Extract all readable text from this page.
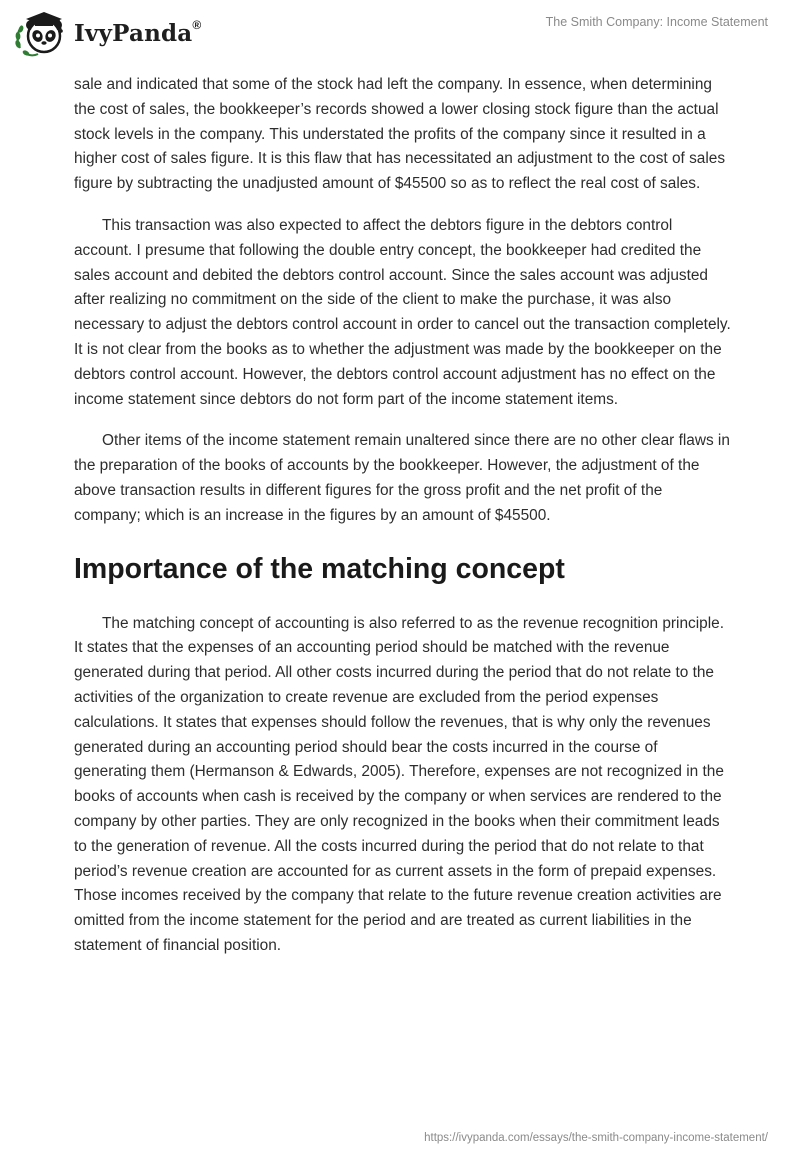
IvyPanda®	The Smith Company: Income Statement

sale and indicated that some of the stock had left the company. In essence, when determining the cost of sales, the bookkeeper’s records showed a lower closing stock figure than the actual stock levels in the company. This understated the profits of the company since it resulted in a higher cost of sales figure. It is this flaw that has necessitated an adjustment to the cost of sales figure by subtracting the unadjusted amount of $45500 so as to reflect the real cost of sales.

This transaction was also expected to affect the debtors figure in the debtors control account. I presume that following the double entry concept, the bookkeeper had credited the sales account and debited the debtors control account. Since the sales account was adjusted after realizing no commitment on the side of the client to make the purchase, it was also necessary to adjust the debtors control account in order to cancel out the transaction completely. It is not clear from the books as to whether the adjustment was made by the bookkeeper on the debtors control account. However, the debtors control account adjustment has no effect on the income statement since debtors do not form part of the income statement items.

Other items of the income statement remain unaltered since there are no other clear flaws in the preparation of the books of accounts by the bookkeeper. However, the adjustment of the above transaction results in different figures for the gross profit and the net profit of the company; which is an increase in the figures by an amount of $45500.

Importance of the matching concept

The matching concept of accounting is also referred to as the revenue recognition principle. It states that the expenses of an accounting period should be matched with the revenue generated during that period. All other costs incurred during the period that do not relate to the activities of the organization to create revenue are excluded from the period expenses calculations. It states that expenses should follow the revenues, that is why only the revenues generated during an accounting period should bear the costs incurred in the course of generating them (Hermanson & Edwards, 2005). Therefore, expenses are not recognized in the books of accounts when cash is received by the company or when services are rendered to the company by other parties. They are only recognized in the books when their commitment leads to the generation of revenue. All the costs incurred during the period that do not relate to that period’s revenue creation are accounted for as current assets in the form of prepaid expenses. Those incomes received by the company that relate to the future revenue creation activities are omitted from the income statement for the period and are treated as current liabilities in the statement of financial position.

https://ivypanda.com/essays/the-smith-company-income-statement/
